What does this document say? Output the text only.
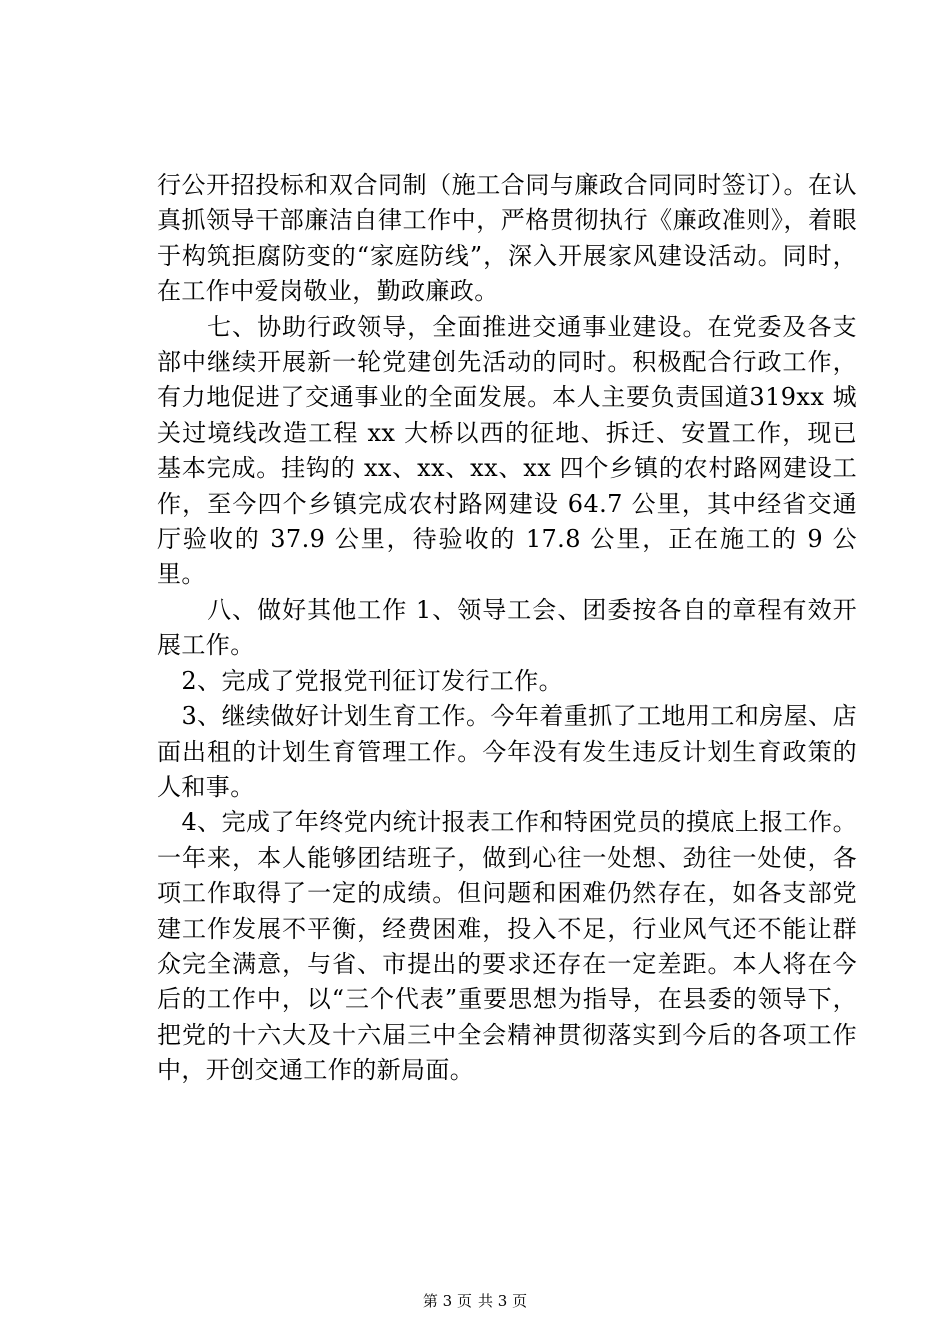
行公开招投标和双合同制（施工合同与廉政合同同时签订）。在认真抓领导干部廉洁自律工作中，严格贯彻执行《廉政准则》，着眼于构筑拒腐防变的“家庭防线”，深入开展家风建设活动。同时，在工作中爱岗敬业，勤政廉政。

　　七、协助行政领导，全面推进交通事业建设。在党委及各支部中继续开展新一轮党建创先活动的同时。积极配合行政工作，有力地促进了交通事业的全面发展。本人主要负责国道319xx 城关过境线改造工程 xx 大桥以西的征地、拆迁、安置工作，现已基本完成。挂钩的 xx、xx、xx、xx 四个乡镇的农村路网建设工作，至今四个乡镇完成农村路网建设 64.7 公里，其中经省交通厅验收的 37.9 公里，待验收的 17.8 公里，正在施工的 9 公里。

　　八、做好其他工作 1、领导工会、团委按各自的章程有效开展工作。

　2、完成了党报党刊征订发行工作。

　3、继续做好计划生育工作。今年着重抓了工地用工和房屋、店面出租的计划生育管理工作。今年没有发生违反计划生育政策的人和事。

　4、完成了年终党内统计报表工作和特困党员的摸底上报工作。一年来，本人能够团结班子，做到心往一处想、劲往一处使，各项工作取得了一定的成绩。但问题和困难仍然存在，如各支部党建工作发展不平衡，经费困难，投入不足，行业风气还不能让群众完全满意，与省、市提出的要求还存在一定差距。本人将在今后的工作中，以“三个代表”重要思想为指导，在县委的领导下，把党的十六大及十六届三中全会精神贯彻落实到今后的各项工作中，开创交通工作的新局面。

第 3 页 共 3 页
